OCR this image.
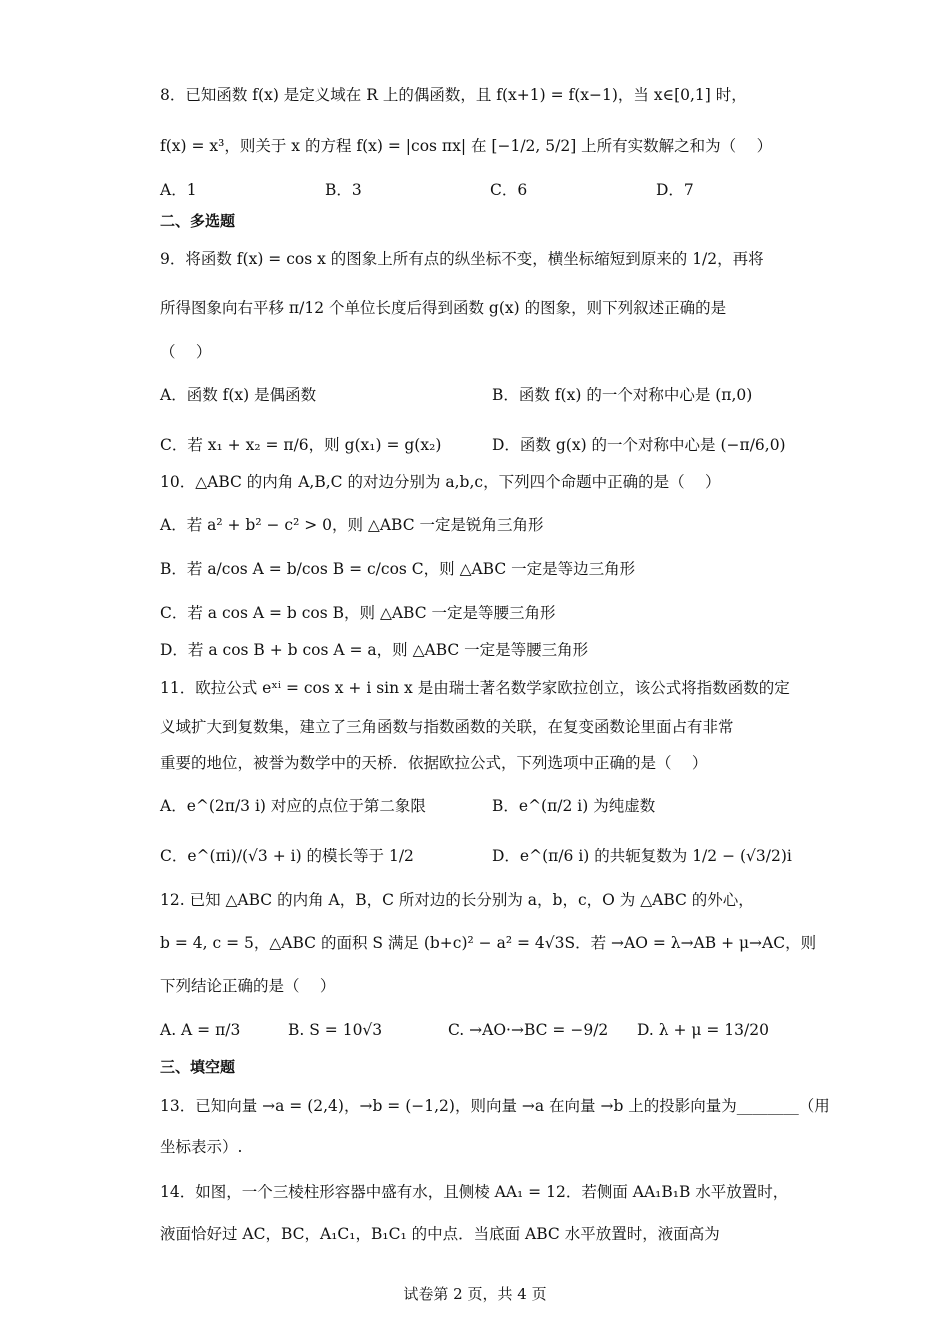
8．已知函数 f(x) 是定义域在 R 上的偶函数，且 f(x+1) = f(x−1)，当 x∈[0,1] 时，
f(x) = x³，则关于 x 的方程 f(x) = |cos πx| 在 [−1/2, 5/2] 上所有实数解之和为（　 ）
A．1	B．3	C．6	D．7
二、多选题
9．将函数 f(x) = cos x 的图象上所有点的纵坐标不变，横坐标缩短到原来的 1/2，再将
所得图象向右平移 π/12 个单位长度后得到函数 g(x) 的图象，则下列叙述正确的是
（　 ）
A．函数 f(x) 是偶函数	B．函数 f(x) 的一个对称中心是 (π,0)
C．若 x₁ + x₂ = π/6，则 g(x₁) = g(x₂)	D．函数 g(x) 的一个对称中心是 (−π/6,0)
10．△ABC 的内角 A,B,C 的对边分别为 a,b,c，下列四个命题中正确的是（　 ）
A．若 a² + b² − c² > 0，则 △ABC 一定是锐角三角形
B．若 a/cos A = b/cos B = c/cos C，则 △ABC 一定是等边三角形
C．若 a cos A = b cos B，则 △ABC 一定是等腰三角形
D．若 a cos B + b cos A = a，则 △ABC 一定是等腰三角形
11．欧拉公式 eˣⁱ = cos x + i sin x 是由瑞士著名数学家欧拉创立，该公式将指数函数的定
义域扩大到复数集，建立了三角函数与指数函数的关联，在复变函数论里面占有非常
重要的地位，被誉为数学中的天桥．依据欧拉公式，下列选项中正确的是（　 ）
A．e^(2π/3 i) 对应的点位于第二象限	B．e^(π/2 i) 为纯虚数
C．e^(πi)/(√3 + i) 的模长等于 1/2	D．e^(π/6 i) 的共轭复数为 1/2 − (√3/2)i
12. 已知 △ABC 的内角 A，B，C 所对边的长分别为 a，b，c，O 为 △ABC 的外心，
b = 4, c = 5，△ABC 的面积 S 满足 (b+c)² − a² = 4√3S．若 →AO = λ→AB + μ→AC，则
下列结论正确的是（　 ）
A. A = π/3	B. S = 10√3	C. →AO·→BC = −9/2 D. λ + μ = 13/20
三、填空题
13．已知向量 →a = (2,4)，→b = (−1,2)，则向量 →a 在向量 →b 上的投影向量为________（用
坐标表示）.
14．如图，一个三棱柱形容器中盛有水，且侧棱 AA₁ = 12．若侧面 AA₁B₁B 水平放置时，
液面恰好过 AC，BC，A₁C₁，B₁C₁ 的中点．当底面 ABC 水平放置时，液面高为
试卷第 2 页，共 4 页
